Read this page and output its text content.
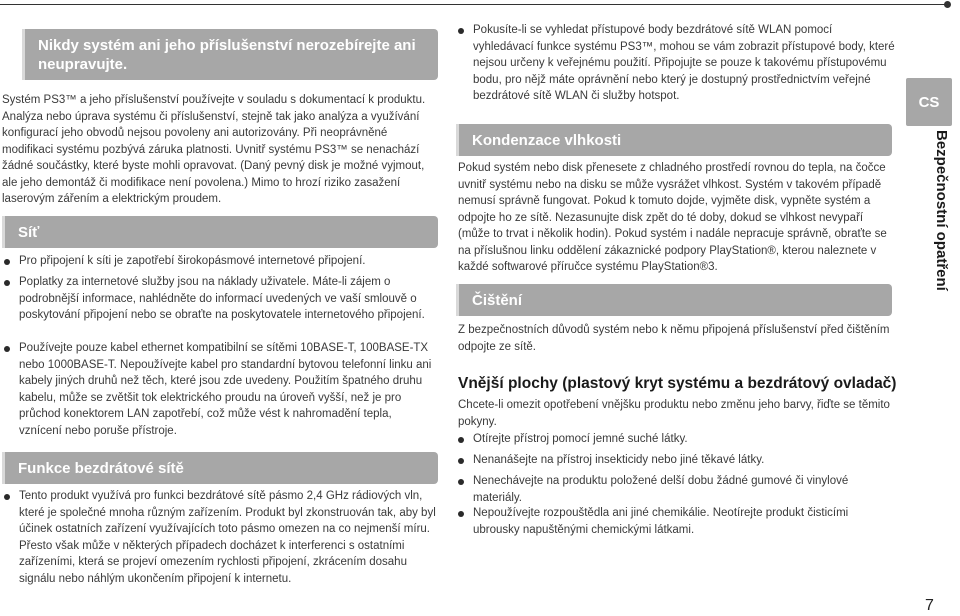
Nikdy systém ani jeho příslušenství nerozebírejte ani neupravujte.

Systém PS3™ a jeho příslušenství používejte v souladu s dokumentací k produktu. Analýza nebo úprava systému či příslušenství, stejně tak jako analýza a využívání konfigurací jeho obvodů nejsou povoleny ani autorizovány. Při neoprávněné modifikaci systému pozbývá záruka platnosti. Uvnitř systému PS3™ se nenachází žádné součástky, které byste mohli opravovat. (Daný pevný disk je možné vyjmout, ale jeho demontáž či modifikace není povolena.) Mimo to hrozí riziko zasažení laserovým zářením a elektrickým proudem.

Síť
Pro připojení k síti je zapotřebí širokopásmové internetové připojení.
Poplatky za internetové služby jsou na náklady uživatele. Máte-li zájem o podrobnější informace, nahlédněte do informací uvedených ve vaší smlouvě o poskytování připojení nebo se obraťte na poskytovatele internetového připojení.
Používejte pouze kabel ethernet kompatibilní se sítěmi 10BASE-T, 100BASE-TX nebo 1000BASE-T. Nepoužívejte kabel pro standardní bytovou telefonní linku ani kabely jiných druhů než těch, které jsou zde uvedeny. Použitím špatného druhu kabelu, může se zvětšit tok elektrického proudu na úroveň vyšší, než je pro průchod konektorem LAN zapotřebí, což může vést k nahromadění tepla, vznícení nebo poruše přístroje.
Funkce bezdrátové sítě
Tento produkt využívá pro funkci bezdrátové sítě pásmo 2,4 GHz rádiových vln, které je společné mnoha různým zařízením. Produkt byl zkonstruován tak, aby byl účinek ostatních zařízení využívajících toto pásmo omezen na co nejmenší míru. Přesto však může v některých případech docházet k interferenci s ostatními zařízeními, která se projeví omezením rychlosti připojení, zkrácením dosahu signálu nebo náhlým ukončením připojení k internetu.
Pokusíte-li se vyhledat přístupové body bezdrátové sítě WLAN pomocí vyhledávací funkce systému PS3™, mohou se vám zobrazit přístupové body, které nejsou určeny k veřejnému použití. Připojujte se pouze k takovému přístupovému bodu, pro nějž máte oprávnění nebo který je dostupný prostřednictvím veřejné bezdrátové sítě WLAN či služby hotspot.
Kondenzace vlhkosti

Pokud systém nebo disk přenesete z chladného prostředí rovnou do tepla, na čočce uvnitř systému nebo na disku se může vysrážet vlhkost. Systém v takovém případě nemusí správně fungovat. Pokud k tomuto dojde, vyjměte disk, vypněte systém a odpojte ho ze sítě. Nezasunujte disk zpět do té doby, dokud se vlhkost nevypaří (může to trvat i několik hodin). Pokud systém i nadále nepracuje správně, obraťte se na příslušnou linku oddělení zákaznické podpory PlayStation®, kterou naleznete v každé softwarové příručce systému PlayStation®3.

Čištění

Z bezpečnostních důvodů systém nebo k němu připojená příslušenství před čištěním odpojte ze sítě.

Vnější plochy (plastový kryt systému a bezdrátový ovladač)

Chcete-li omezit opotřebení vnějšku produktu nebo změnu jeho barvy, řiďte se těmito pokyny.

Otírejte přístroj pomocí jemné suché látky.
Nenanášejte na přístroj insekticidy nebo jiné těkavé látky.
Nenechávejte na produktu položené delší dobu žádné gumové či vinylové materiály.
Nepoužívejte rozpouštědla ani jiné chemikálie. Neotírejte produkt čisticími ubrousky napuštěnými chemickými látkami.
CS
Bezpečnostní opatření
7
